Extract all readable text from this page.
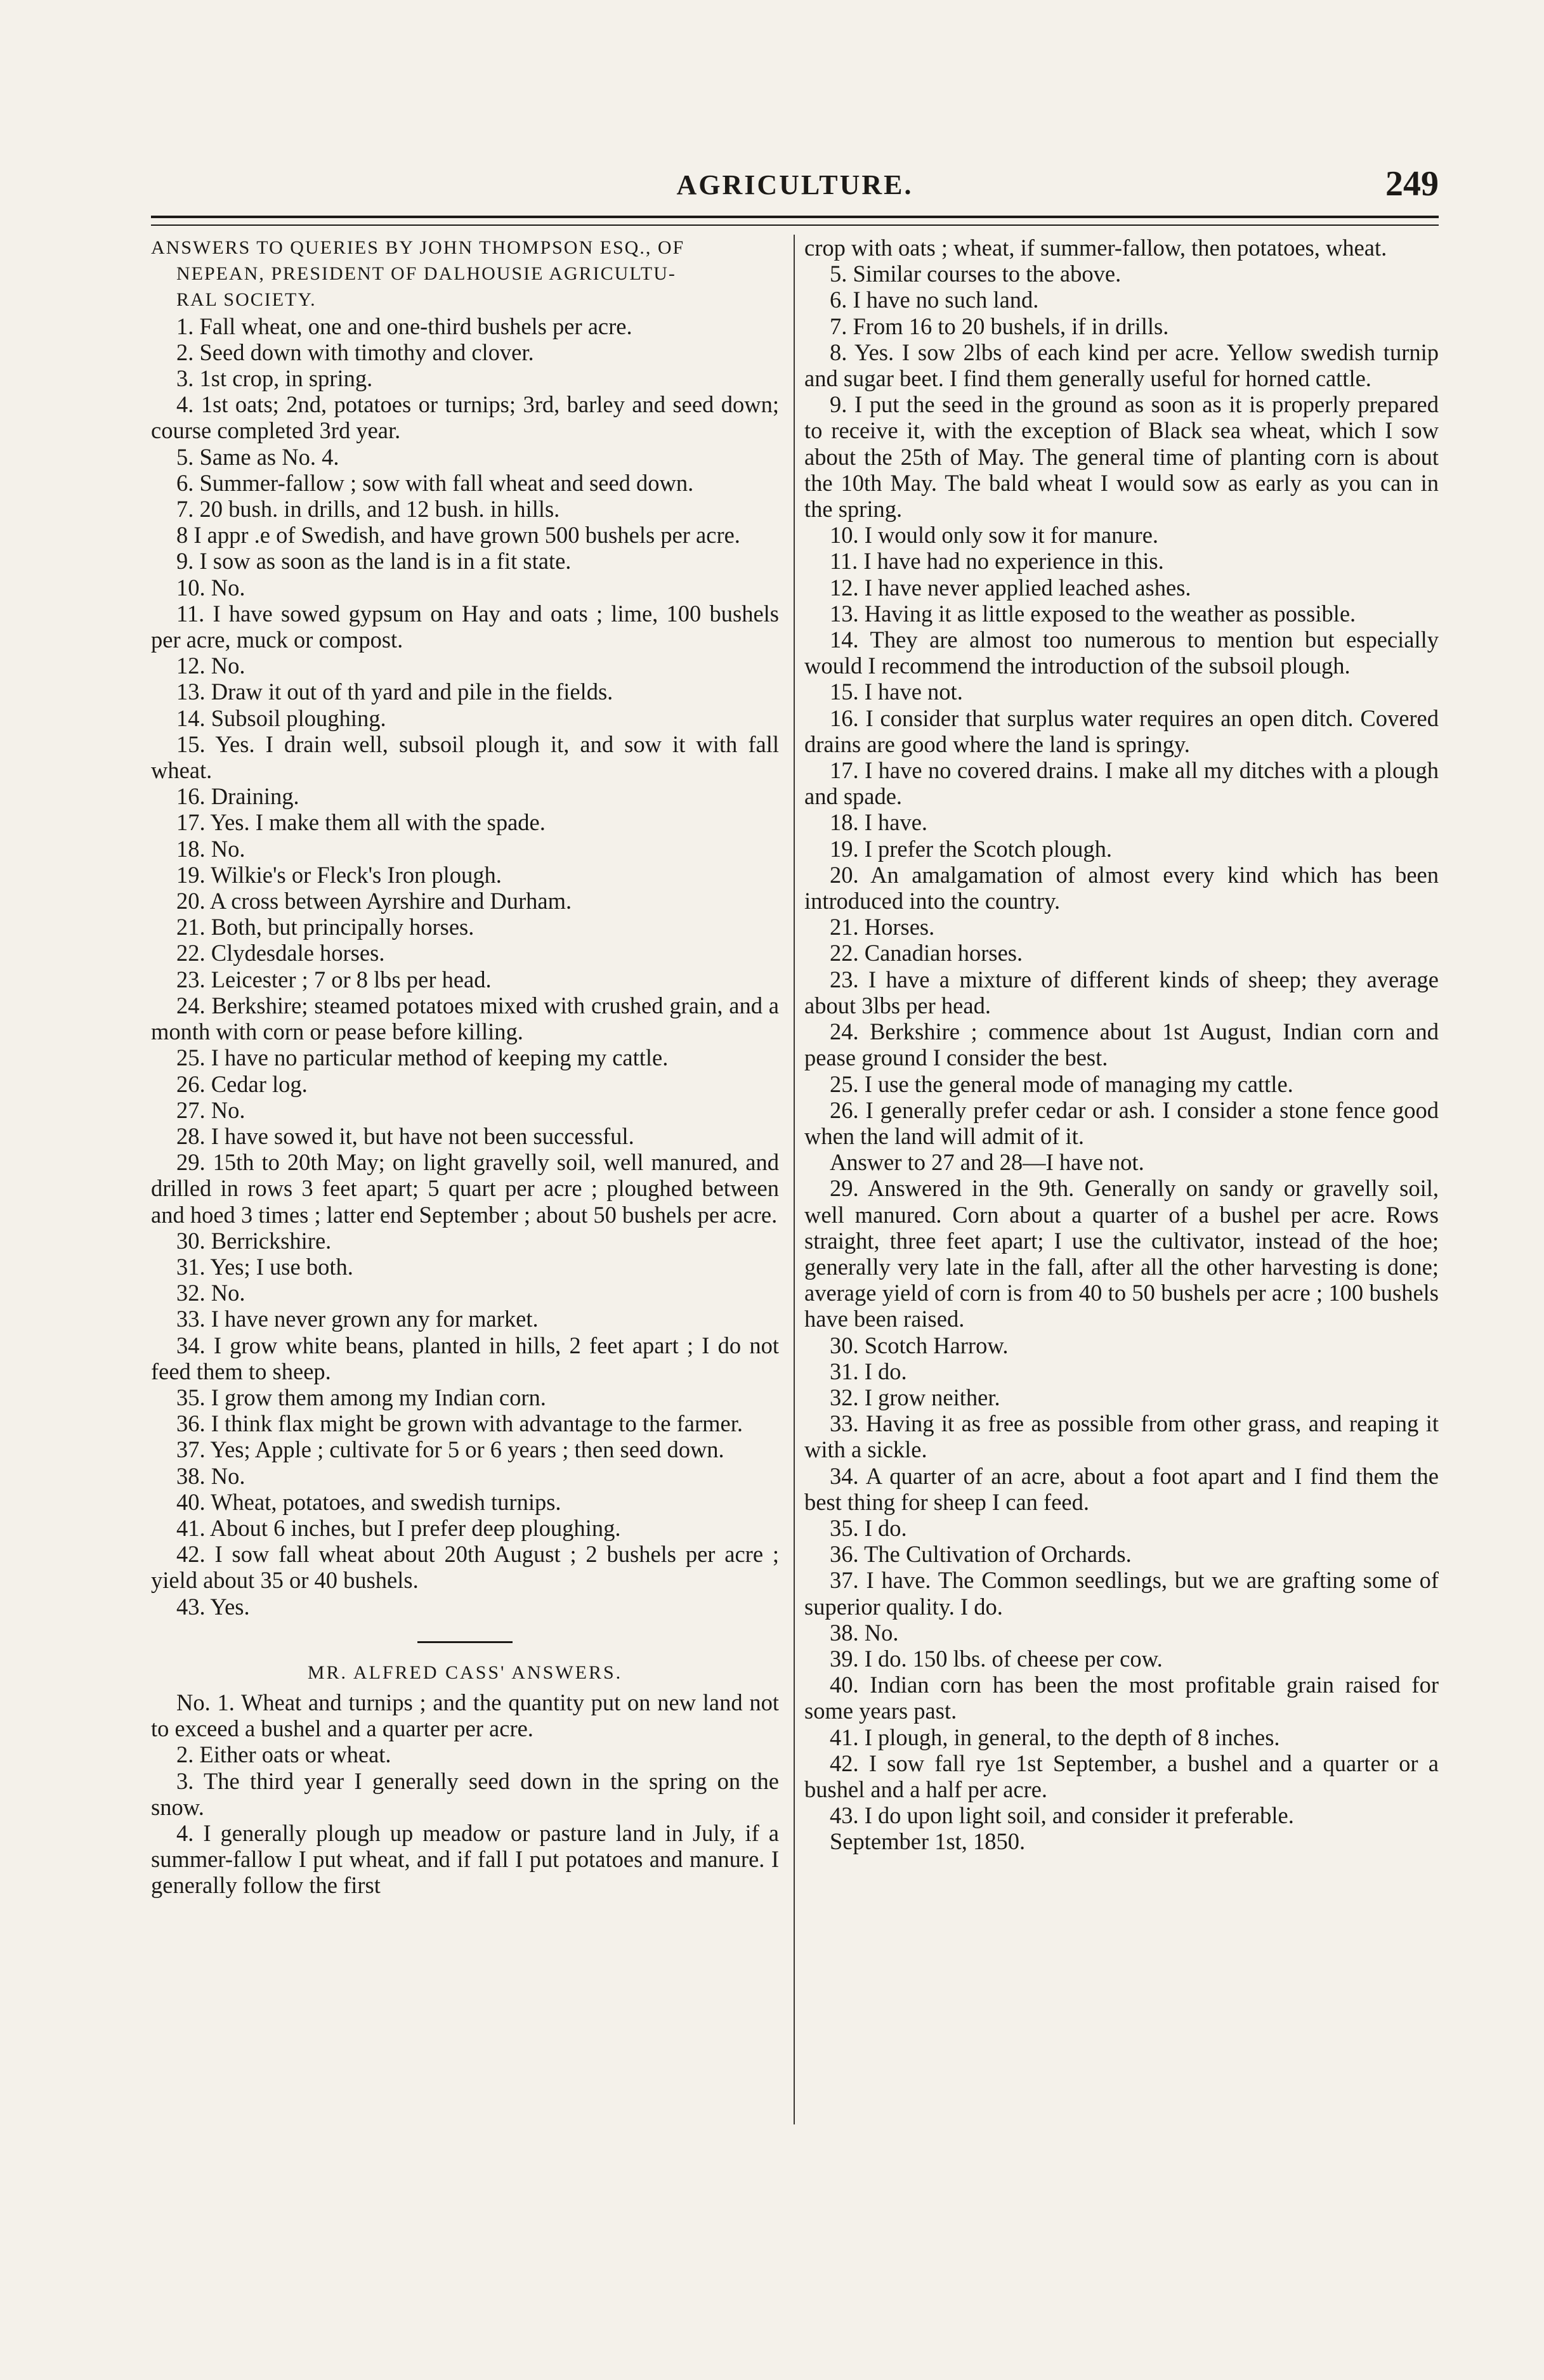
AGRICULTURE.	249
ANSWERS TO QUERIES BY JOHN THOMPSON ESQ., OF
NEPEAN, PRESIDENT OF DALHOUSIE AGRICULTU-
RAL SOCIETY.

1. Fall wheat, one and one-third bushels per acre.

2. Seed down with timothy and clover.

3. 1st crop, in spring.

4. 1st oats; 2nd, potatoes or turnips; 3rd, barley and seed down; course completed 3rd year.

5. Same as No. 4.

6. Summer-fallow ; sow with fall wheat and seed down.

7. 20 bush. in drills, and 12 bush. in hills.

8 I appr .e of Swedish, and have grown 500 bushels per acre.

9. I sow as soon as the land is in a fit state.

10. No.

11. I have sowed gypsum on Hay and oats ; lime, 100 bushels per acre, muck or compost.

12. No.

13. Draw it out of th yard and pile in the fields.

14. Subsoil ploughing.

15. Yes. I drain well, subsoil plough it, and sow it with fall wheat.

16. Draining.

17. Yes. I make them all with the spade.

18. No.

19. Wilkie's or Fleck's Iron plough.

20. A cross between Ayrshire and Durham.

21. Both, but principally horses.

22. Clydesdale horses.

23. Leicester ; 7 or 8 lbs per head.

24. Berkshire; steamed potatoes mixed with crushed grain, and a month with corn or pease before killing.

25. I have no particular method of keeping my cattle.

26. Cedar log.

27. No.

28. I have sowed it, but have not been successful.

29. 15th to 20th May; on light gravelly soil, well manured, and drilled in rows 3 feet apart; 5 quart per acre ; ploughed between and hoed 3 times ; latter end September ; about 50 bushels per acre.

30. Berrickshire.

31. Yes; I use both.

32. No.

33. I have never grown any for market.

34. I grow white beans, planted in hills, 2 feet apart ; I do not feed them to sheep.

35. I grow them among my Indian corn.

36. I think flax might be grown with advantage to the farmer.

37. Yes; Apple ; cultivate for 5 or 6 years ; then seed down.

38. No.

40. Wheat, potatoes, and swedish turnips.

41. About 6 inches, but I prefer deep ploughing.

42. I sow fall wheat about 20th August ; 2 bushels per acre ; yield about 35 or 40 bushels.

43. Yes.

MR. ALFRED CASS' ANSWERS.

No. 1. Wheat and turnips ; and the quantity put on new land not to exceed a bushel and a quarter per acre.

2. Either oats or wheat.

3. The third year I generally seed down in the spring on the snow.

4. I generally plough up meadow or pasture land in July, if a summer-fallow I put wheat, and if fall I put potatoes and manure. I generally follow the first

crop with oats ; wheat, if summer-fallow, then potatoes, wheat.

5. Similar courses to the above.

6. I have no such land.

7. From 16 to 20 bushels, if in drills.

8. Yes. I sow 2lbs of each kind per acre. Yellow swedish turnip and sugar beet. I find them generally useful for horned cattle.

9. I put the seed in the ground as soon as it is properly prepared to receive it, with the exception of Black sea wheat, which I sow about the 25th of May. The general time of planting corn is about the 10th May. The bald wheat I would sow as early as you can in the spring.

10. I would only sow it for manure.

11. I have had no experience in this.

12. I have never applied leached ashes.

13. Having it as little exposed to the weather as possible.

14. They are almost too numerous to mention but especially would I recommend the introduction of the subsoil plough.

15. I have not.

16. I consider that surplus water requires an open ditch. Covered drains are good where the land is springy.

17. I have no covered drains. I make all my ditches with a plough and spade.

18. I have.

19. I prefer the Scotch plough.

20. An amalgamation of almost every kind which has been introduced into the country.

21. Horses.

22. Canadian horses.

23. I have a mixture of different kinds of sheep; they average about 3lbs per head.

24. Berkshire ; commence about 1st August, Indian corn and pease ground I consider the best.

25. I use the general mode of managing my cattle.

26. I generally prefer cedar or ash. I consider a stone fence good when the land will admit of it.

Answer to 27 and 28—I have not.

29. Answered in the 9th. Generally on sandy or gravelly soil, well manured. Corn about a quarter of a bushel per acre. Rows straight, three feet apart; I use the cultivator, instead of the hoe; generally very late in the fall, after all the other harvesting is done; average yield of corn is from 40 to 50 bushels per acre ; 100 bushels have been raised.

30. Scotch Harrow.

31. I do.

32. I grow neither.

33. Having it as free as possible from other grass, and reaping it with a sickle.

34. A quarter of an acre, about a foot apart and I find them the best thing for sheep I can feed.

35. I do.

36. The Cultivation of Orchards.

37. I have. The Common seedlings, but we are grafting some of superior quality. I do.

38. No.

39. I do. 150 lbs. of cheese per cow.

40. Indian corn has been the most profitable grain raised for some years past.

41. I plough, in general, to the depth of 8 inches.

42. I sow fall rye 1st September, a bushel and a quarter or a bushel and a half per acre.

43. I do upon light soil, and consider it preferable.

September 1st, 1850.
